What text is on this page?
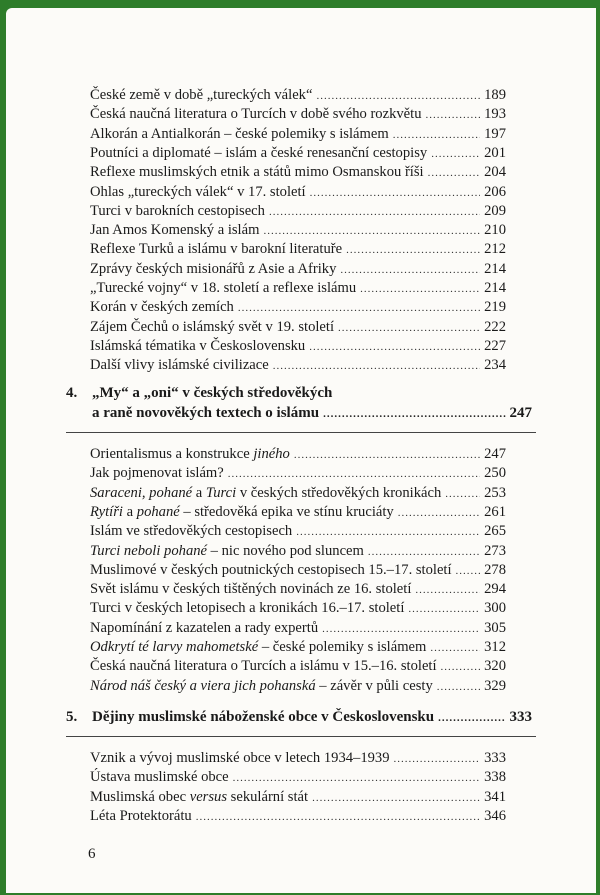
České země v době „tureckých válek“ .....	189
Česká naučná literatura o Turcích v době svého rozkvětu .....	193
Alkorán a Antialkorán – české polemiky s islámem .....	197
Poutníci a diplomaté – islám a české renesanční cestopisy .....	201
Reflexe muslimských etnik a států mimo Osmanskou říši .....	204
Ohlas „tureckých válek“ v 17. století .....	206
Turci v barokních cestopisech .....	209
Jan Amos Komenský a islám .....	210
Reflexe Turků a islámu v barokní literatuře .....	212
Zprávy českých misionářů z Asie a Afriky .....	214
„Turecké vojny“ v 18. století a reflexe islámu .....	214
Korán v českých zemích .....	219
Zájem Čechů o islámský svět v 19. století .....	222
Islámská tématika v Československu .....	227
Další vlivy islámské civilizace .....	234
Orientalismus a konstrukce jiného .....	247
Jak pojmenovat islám? .....	250
Saraceni, pohané a Turci v českých středověkých kronikách .....	253
Rytíři a pohané – středověká epika ve stínu kruciáty .....	261
Islám ve středověkých cestopisech .....	265
Turci neboli pohané – nic nového pod sluncem .....	273
Muslimové v českých poutnických cestopisech 15.–17. století ..... 278
Svět islámu v českých tištěných novinách ze 16. století .....	294
Turci v českých letopisech a kronikách 16.–17. století .....	300
Napomínání z kazatelen a rady expertů .....	305
Odkrytí té larvy mahometské – české polemiky s islámem .....	312
Česká naučná literatura o Turcích a islámu v 15.–16. století .....	320
Národ náš český a viera jich pohanská – závěr v půli cesty .....	329
Vznik a vývoj muslimské obce v letech 1934–1939 .....	333
Ústava muslimské obce .....	338
Muslimská obec versus sekulární stát .....	341
Léta Protektorátu .....	346
4. „My“ a „oni“ v českých středověkých
a raně novověkých textech o islámu .....	247
5. Dějiny muslimské náboženské obce v Československu .....	333
6
